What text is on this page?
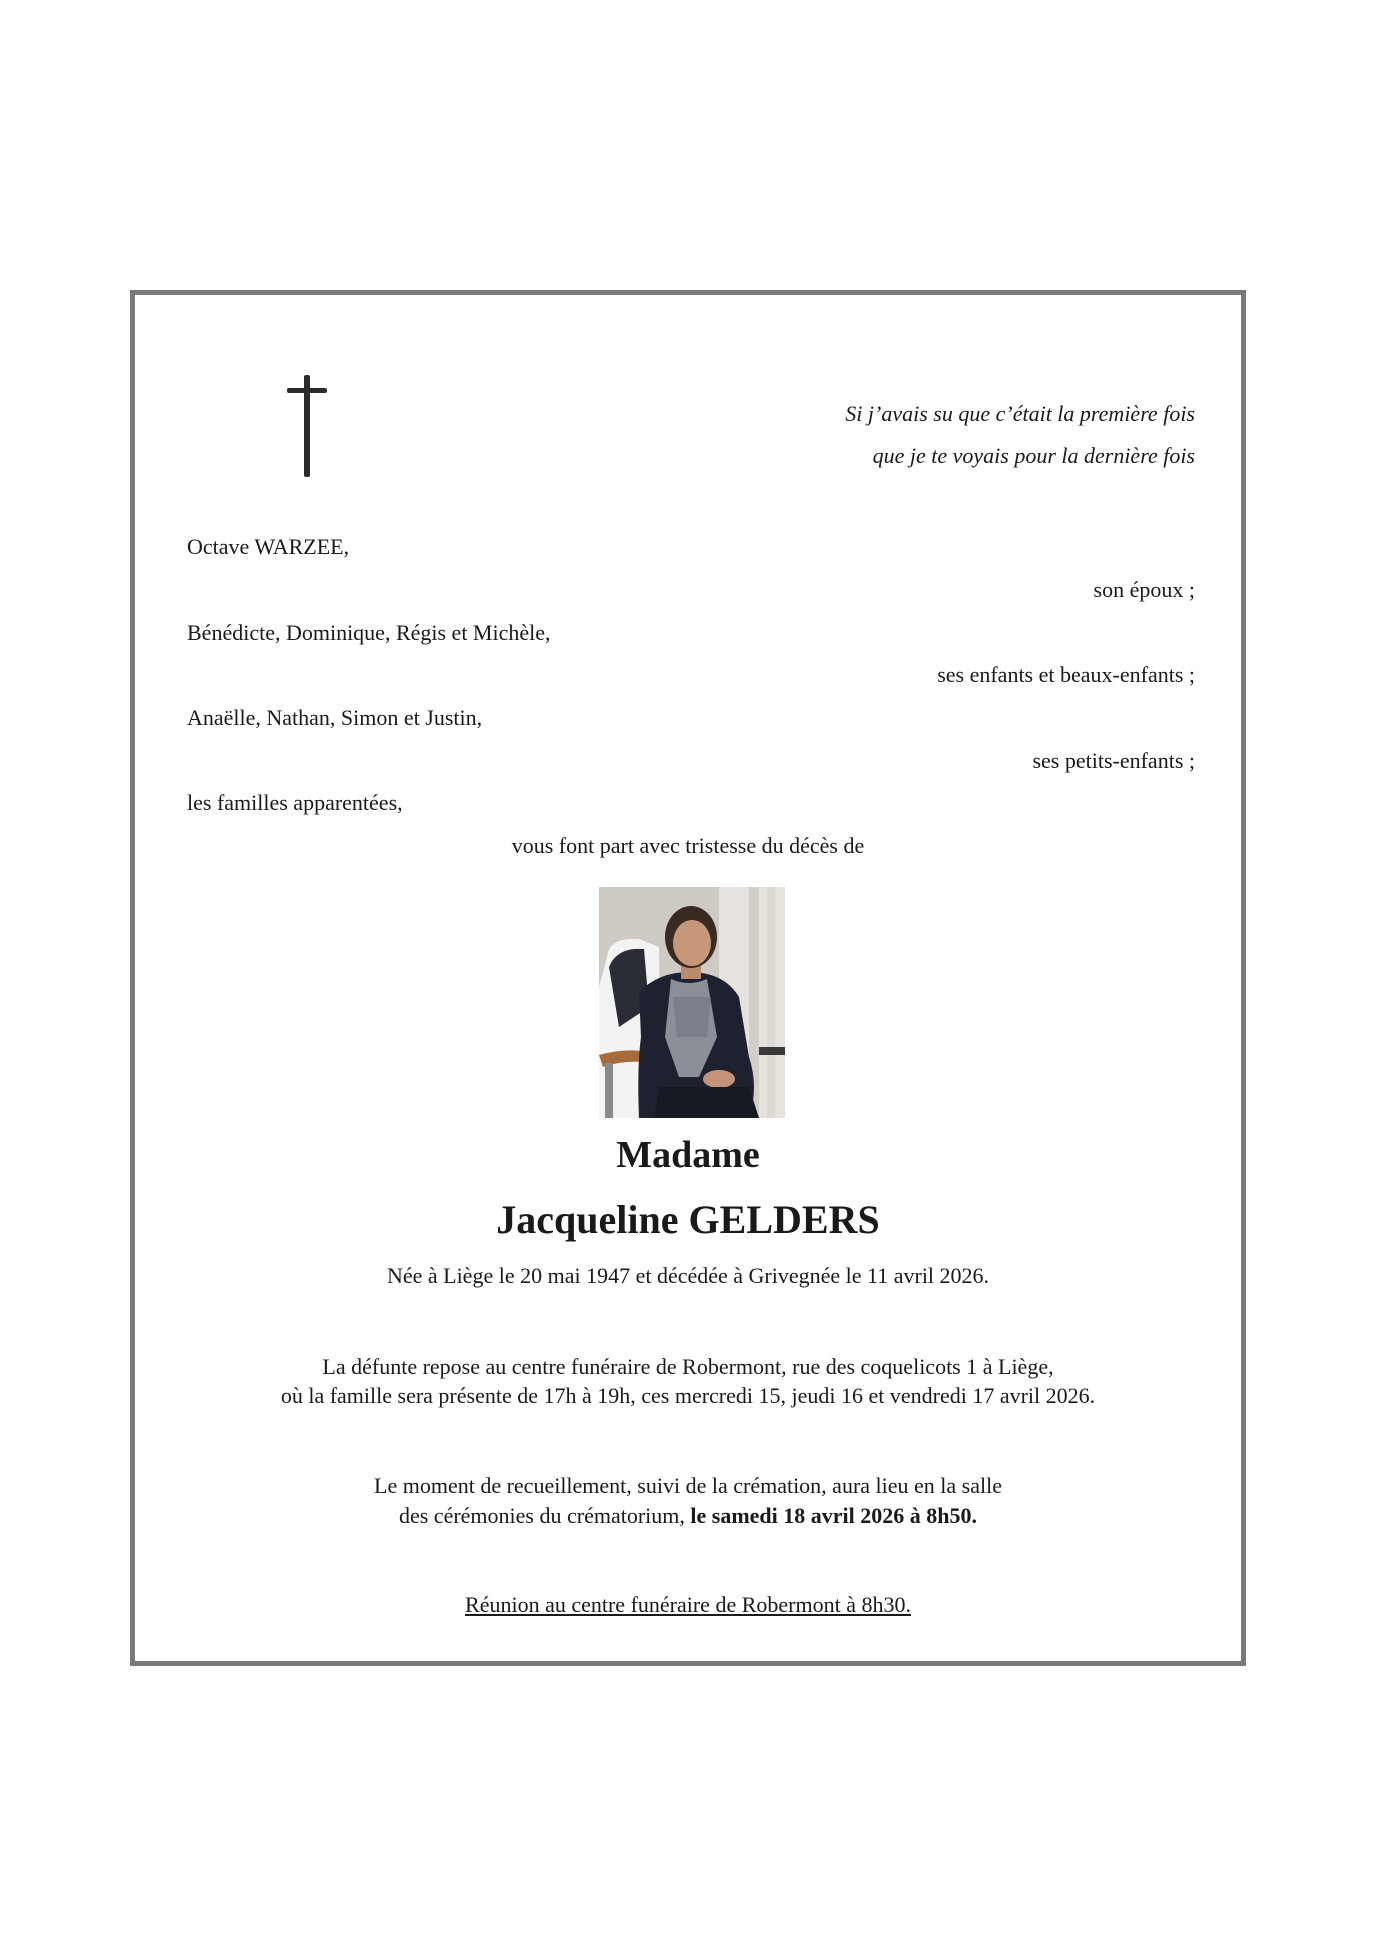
Si j’avais su que c’était la première fois
que je te voyais pour la dernière fois
Octave WARZEE,
son époux ;
Bénédicte, Dominique, Régis et Michèle,
ses enfants et beaux-enfants ;
Anaëlle, Nathan, Simon et Justin,
ses petits-enfants ;
les familles apparentées,
vous font part avec tristesse du décès de
Madame
Jacqueline GELDERS
Née à Liège le 20 mai 1947 et décédée à Grivegnée le 11 avril 2026.
La défunte repose au centre funéraire de Robermont, rue des coquelicots 1 à Liège,
où la famille sera présente de 17h à 19h, ces mercredi 15, jeudi 16 et vendredi 17 avril 2026.
Le moment de recueillement, suivi de la crémation, aura lieu en la salle
des cérémonies du crématorium, le samedi 18 avril 2026 à 8h50.
Réunion au centre funéraire de Robermont à 8h30.
